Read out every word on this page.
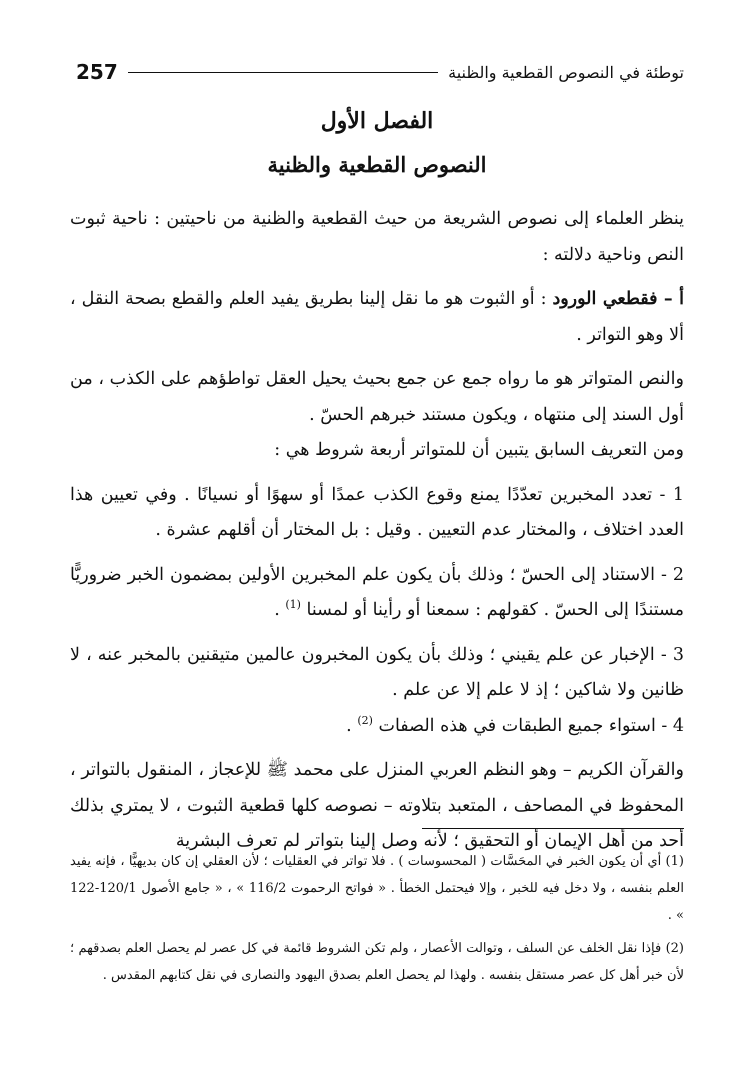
توطئة في النصوص القطعية والظنية
257
الفصل الأول
النصوص القطعية والظنية

ينظر العلماء إلى نصوص الشريعة من حيث القطعية والظنية من ناحيتين : ناحية ثبوت النص وناحية دلالته :

أ – فقطعي الورود : أو الثبوت هو ما نقل إلينا بطريق يفيد العلم والقطع بصحة النقل ، ألا وهو التواتر .

والنص المتواتر هو ما رواه جمع عن جمع بحيث يحيل العقل تواطؤهم على الكذب ، من أول السند إلى منتهاه ، ويكون مستند خبرهم الحسّ .

ومن التعريف السابق يتبين أن للمتواتر أربعة شروط هي :

1 - تعدد المخبرين تعدّدًا يمنع وقوع الكذب عمدًا أو سهوًا أو نسيانًا . وفي تعيين هذا العدد اختلاف ، والمختار عدم التعيين . وقيل : بل المختار أن أقلهم عشرة .

2 - الاستناد إلى الحسّ ؛ وذلك بأن يكون علم المخبرين الأولين بمضمون الخبر ضروريًّا مستندًا إلى الحسّ . كقولهم : سمعنا أو رأينا أو لمسنا $^{(1)}$ .

3 - الإخبار عن علم يقيني ؛ وذلك بأن يكون المخبرون عالمين متيقنين بالمخبر عنه ، لا ظانين ولا شاكين ؛ إذ لا علم إلا عن علم .

4 - استواء جميع الطبقات في هذه الصفات $^{(2)}$ .

والقرآن الكريم – وهو النظم العربي المنزل على محمد ﷺ للإعجاز ، المنقول بالتواتر ، المحفوظ في المصاحف ، المتعبد بتلاوته – نصوصه كلها قطعية الثبوت ، لا يمتري بذلك أحد من أهل الإيمان أو التحقيق ؛ لأنه وصل إلينا بتواتر لم تعرف البشرية

(1) أي أن يكون الخبر في المحَسَّات ( المحسوسات ) . فلا تواتر في العقليات ؛ لأن العقلي إن كان بديهيًّا ، فإنه يفيد العلم بنفسه ، ولا دخل فيه للخبر ، وإلا فيحتمل الخطأ . « فواتح الرحموت 116/2 » ، « جامع الأصول 120/1-122 » .

(2) فإذا نقل الخلف عن السلف ، وتوالت الأعصار ، ولم تكن الشروط قائمة في كل عصر لم يحصل العلم بصدقهم ؛ لأن خبر أهل كل عصر مستقل بنفسه . ولهذا لم يحصل العلم بصدق اليهود والنصارى في نقل كتابهم المقدس .
